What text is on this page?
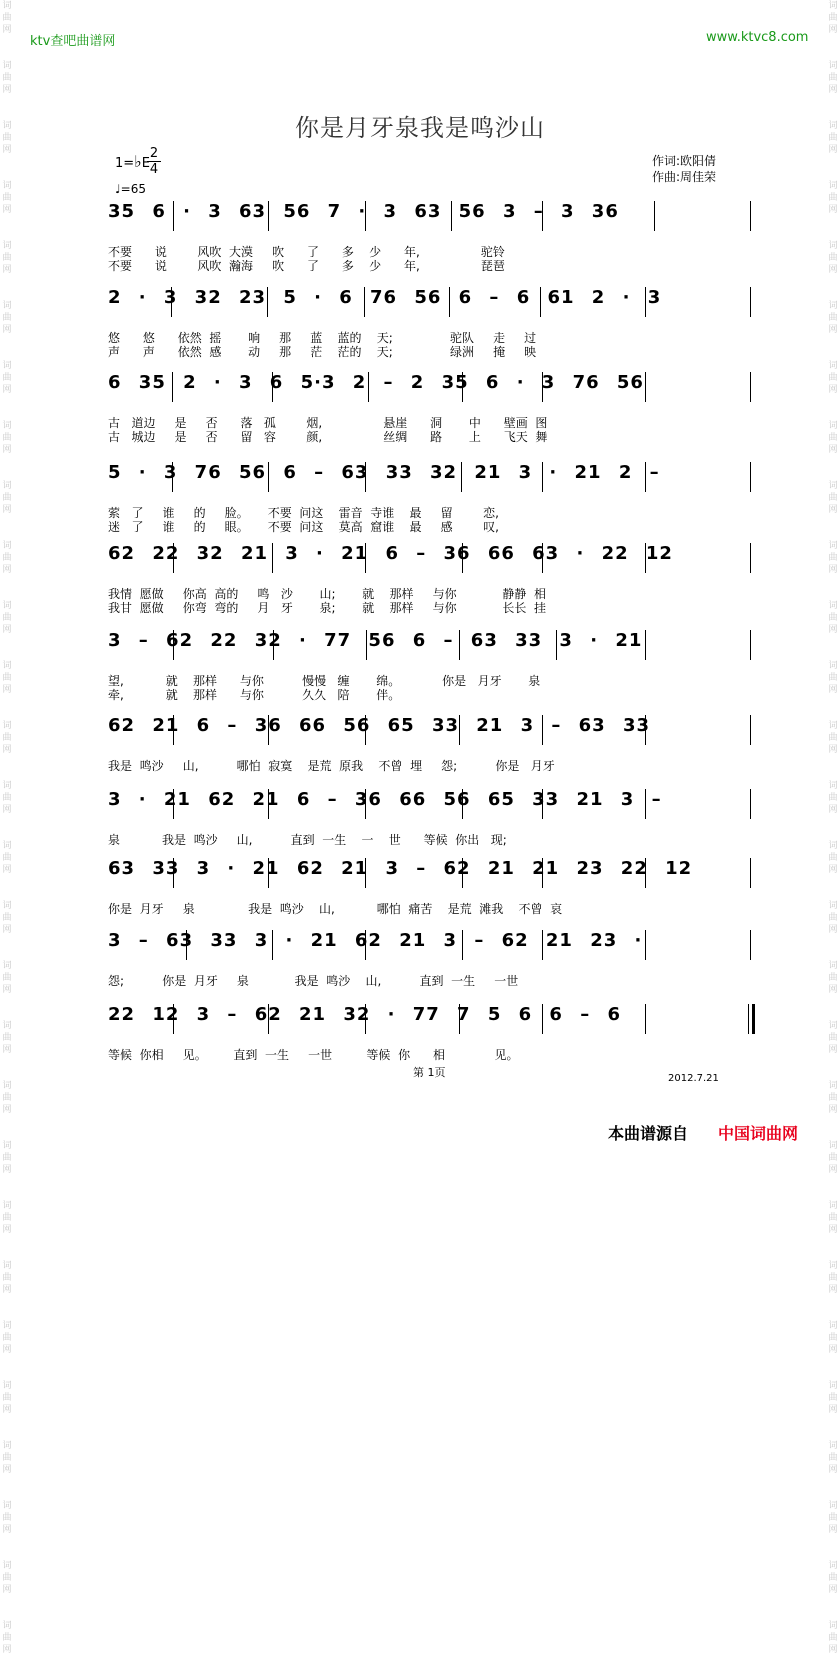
词
曲
网

词
曲
网

词
曲
网

词
曲
网

词
曲
网

词
曲
网

词
曲
网

词
曲
网

词
曲
网

词
曲
网

词
曲
网

词
曲
网

词
曲
网

词
曲
网

词
曲
网

词
曲
网

词
曲
网

词
曲
网

词
曲
网

词
曲
网

词
曲
网

词
曲
网

词
曲
网

词
曲
网

词
曲
网

词
曲
网

词
曲
网

词
曲
网

词
曲
网

词
曲
网

词
曲
网

词
曲
网

词
曲
网

词
曲
网

词
曲
网

词
曲
网

词
曲
网

词
曲
网

词
曲
网

词
曲
网

词
曲
网

词
曲
网

词
曲
网

词
曲
网

词
曲
网

词
曲
网

词
曲
网

词
曲
网

词
曲
网

词
曲
网

词
曲
网

词
曲
网

词
曲
网

词
曲
网

词
曲
网

词
曲
网

ktv查吧曲谱网	www.ktvc8.com
你是月牙泉我是鸣沙山
1=♭E
2
4
♩=65
作词:欧阳倩
作曲:周佳荣
35 6 · 3 63 56 7 · 3 63 56 3 – 3 36
不要      说        风吹  大漠     吹      了      多    少      年,                驼铃
不要      说        风吹  瀚海     吹      了      多    少      年,                琵琶
2 · 3 32 23 5 · 6 76 56 6 – 6 61 2 · 3
悠      悠      依然  摇       响     那     蓝    蓝的    天;               驼队     走     过
声      声      依然  感       动     那     茫    茫的    天;               绿洲     掩     映
6 35 2 · 3 6 5·3 2 – 2 35 6 · 3 76 56
古   道边     是     否      落   孤        烟,                悬崖      洞       中      壁画  图
古   城边     是     否      留   容        颜,                丝绸      路       上      飞天  舞
5 · 3 76 56 6 – 63 33 32 21 3 · 21 2 –
萦   了     谁     的     脸。     不要  问这    雷音  寺谁    最     留        恋,
迷   了     谁     的     眼。     不要  问这    莫高  窟谁    最     感        叹,
62 22 32 21 3 · 21 6 – 36 66 63 · 22 12
我情  愿做     你高  高的     鸣   沙       山;       就    那样     与你            静静  相
我甘  愿做     你弯  弯的     月   牙       泉;       就    那样     与你            长长  挂
3 – 62 22 32 · 77 56 6 – 63 33 3 · 21
望,           就    那样      与你          慢慢   缠       绵。           你是   月牙       泉
牵,           就    那样      与你          久久   陪       伴。
62 21 6 – 36 66 56 65 33 21 3 – 63 33
我是  鸣沙     山,          哪怕  寂寞    是荒  原我    不曾  埋     怨;          你是   月牙
3 · 21 62 21 6 – 36 66 56 65 33 21 3 –
泉           我是  鸣沙     山,          直到  一生    一    世      等候  你出   现;
63 33 3 · 21 62 21 3 – 62 21 21 23 22 12
你是  月牙     泉              我是  鸣沙    山,           哪怕  痛苦    是荒  滩我    不曾  哀
3 – 63 33 3 · 21 62 21 3 – 62 21 23 ·
怨;          你是  月牙     泉            我是  鸣沙    山,          直到  一生     一世
22 12 3 – 62 21 32 · 77 7 5 6 6 – 6
等候  你相     见。       直到  一生     一世         等候  你      相             见。
第 1页	2012.7.21
本曲谱源自 中国词曲网
